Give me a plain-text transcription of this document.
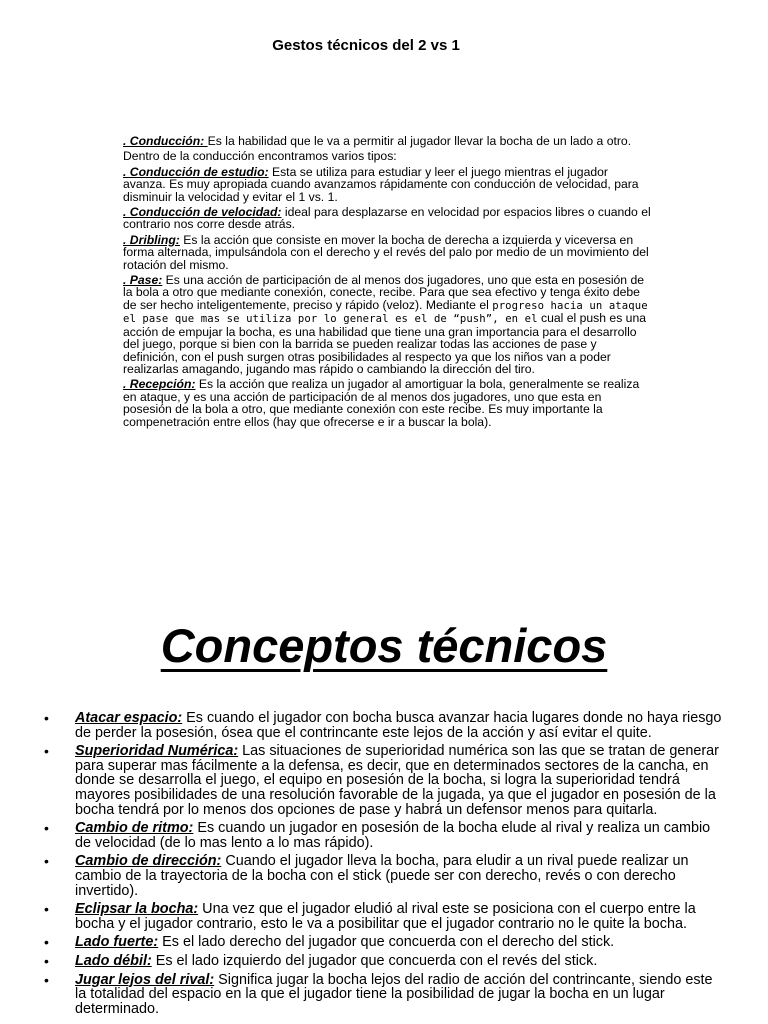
Gestos técnicos del 2 vs 1

. Conducción: Es la habilidad que le va a permitir al jugador llevar la bocha de un lado a otro.

Dentro de la conducción encontramos varios tipos:

. Conducción de estudio: Esta se utiliza para estudiar y leer el juego mientras el jugador avanza. Es muy apropiada cuando avanzamos rápidamente con conducción de velocidad, para disminuir la velocidad y evitar el 1 vs. 1.

. Conducción de velocidad: ideal para desplazarse en velocidad por espacios libres o cuando el contrario nos corre desde atrás.

. Dribling: Es la acción que consiste en mover la bocha de derecha a izquierda y viceversa en forma alternada, impulsándola con el derecho y el revés del palo por medio de un movimiento del rotación del mismo.

. Pase: Es una acción de participación de al menos dos jugadores, uno que esta en posesión de la bola a otro que mediante conexión, conecte, recibe. Para que sea efectivo y tenga éxito debe de ser hecho inteligentemente, preciso y rápido (veloz). Mediante el progreso hacia un ataque el pase que mas se utiliza por lo general es el de “push”, en el cual el push es una acción de empujar la bocha, es una habilidad que tiene una gran importancia para el desarrollo del juego, porque si bien con la barrida se pueden realizar todas las acciones de pase y definición, con el push surgen otras posibilidades al respecto ya que los niños van a poder realizarlas amagando, jugando mas rápido o cambiando la dirección del tiro.

. Recepción: Es la acción que realiza un jugador al amortiguar la bola, generalmente se realiza en ataque, y es una acción de participación de al menos dos jugadores, uno que esta en posesión de la bola a otro, que mediante conexión con este recibe. Es muy importante la compenetración entre ellos (hay que ofrecerse e ir a buscar la bola).

Conceptos técnicos
• Atacar espacio: Es cuando el jugador con bocha busca avanzar hacia lugares donde no haya riesgo de perder la posesión, ósea que el contrincante este lejos de la acción y así evitar el quite.
• Superioridad Numérica: Las situaciones de superioridad numérica son las que se tratan de generar para superar mas fácilmente a la defensa, es decir, que en determinados sectores de la cancha, en donde se desarrolla el juego, el equipo en posesión de la bocha, si logra la superioridad tendrá mayores posibilidades de una resolución favorable de la jugada, ya que el jugador en posesión de la bocha tendrá por lo menos dos opciones de pase y habrá un defensor menos para quitarla.
• Cambio de ritmo: Es cuando un jugador en posesión de la bocha elude al rival y realiza un cambio de velocidad (de lo mas lento a lo mas rápido).
• Cambio de dirección: Cuando el jugador lleva la bocha, para eludir a un rival puede realizar un cambio de la trayectoria de la bocha con el stick (puede ser con derecho, revés o con derecho invertido).
• Eclipsar la bocha: Una vez que el jugador eludió al rival este se posiciona con el cuerpo entre la bocha y el jugador contrario, esto le va a posibilitar que el jugador contrario no le quite la bocha.
• Lado fuerte: Es el lado derecho del jugador que concuerda con el derecho del stick.
• Lado débil: Es el lado izquierdo del jugador que concuerda con el revés del stick.
• Jugar lejos del rival: Significa jugar la bocha lejos del radio de acción del contrincante, siendo este la totalidad del espacio en la que el jugador tiene la posibilidad de jugar la bocha en un lugar determinado.
